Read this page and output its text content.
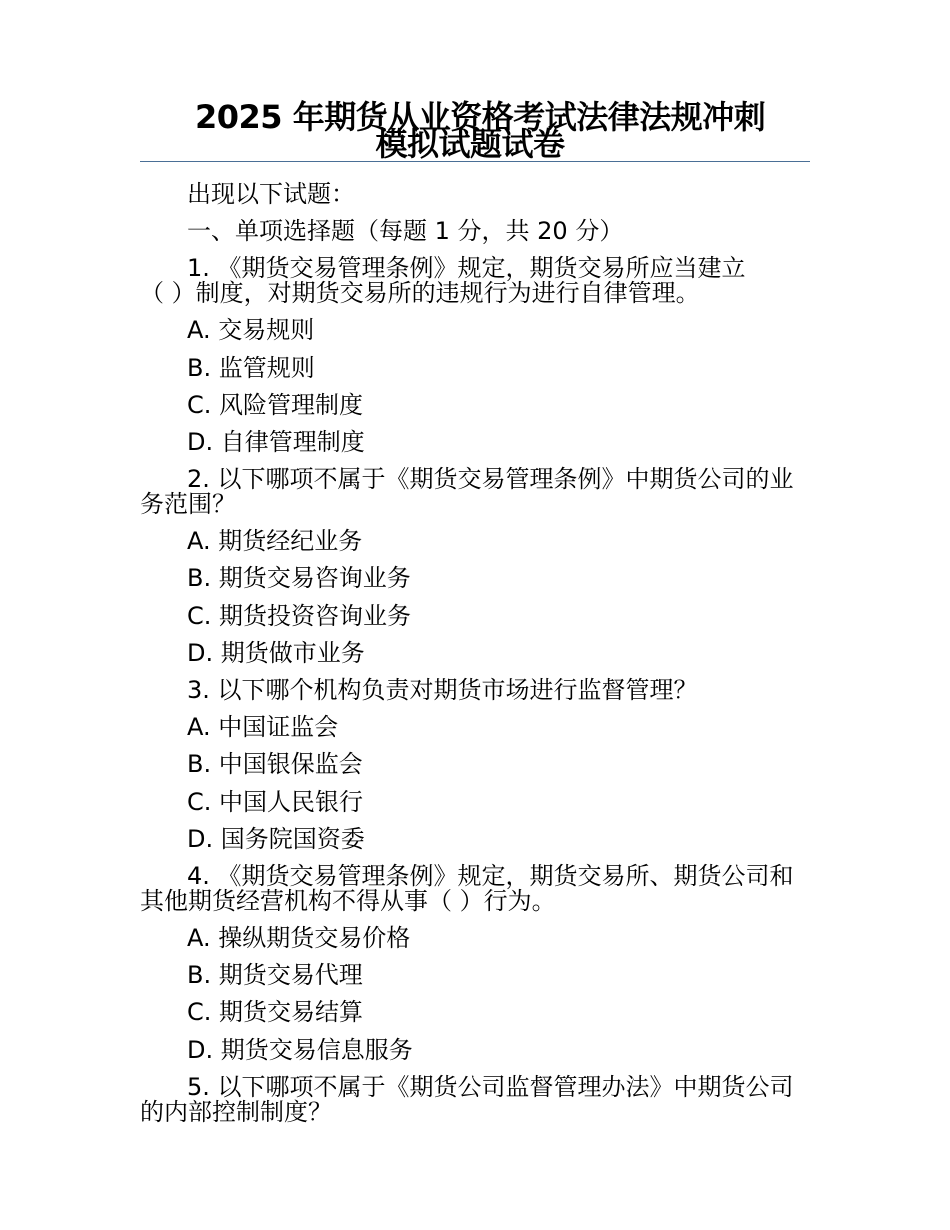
2025 年期货从业资格考试法律法规冲刺
模拟试题试卷

出现以下试题：

一、单项选择题（每题 1 分，共 20 分）

1. 《期货交易管理条例》规定，期货交易所应当建立
（ ）制度，对期货交易所的违规行为进行自律管理。

A. 交易规则

B. 监管规则

C. 风险管理制度

D. 自律管理制度

2. 以下哪项不属于《期货交易管理条例》中期货公司的业
务范围？

A. 期货经纪业务

B. 期货交易咨询业务

C. 期货投资咨询业务

D. 期货做市业务

3. 以下哪个机构负责对期货市场进行监督管理？

A. 中国证监会

B. 中国银保监会

C. 中国人民银行

D. 国务院国资委

4. 《期货交易管理条例》规定，期货交易所、期货公司和
其他期货经营机构不得从事（ ）行为。

A. 操纵期货交易价格

B. 期货交易代理

C. 期货交易结算

D. 期货交易信息服务

5. 以下哪项不属于《期货公司监督管理办法》中期货公司
的内部控制制度？
